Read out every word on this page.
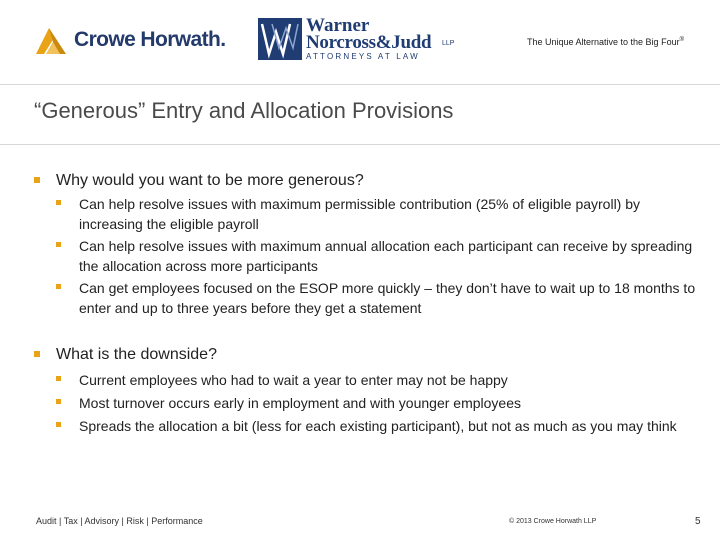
Crowe Horwath.
Warner
Norcross&Judd LLP
ATTORNEYS AT LAW
The Unique Alternative to the Big Four®
“Generous” Entry and Allocation Provisions
Why would you want to be more generous?
Can help resolve issues with maximum permissible contribution (25% of eligible payroll) by increasing the eligible payroll
Can help resolve issues with maximum annual allocation each participant can receive by spreading the allocation across more participants
Can get employees focused on the ESOP more quickly – they don’t have to wait up to 18 months to enter and up to three years before they get a statement
What is the downside?
Current employees who had to wait a year to enter may not be happy
Most turnover occurs early in employment and with younger employees
Spreads the allocation a bit (less for each existing participant), but not as much as you may think
Audit | Tax | Advisory | Risk | Performance	© 2013 Crowe Horwath LLP	5
